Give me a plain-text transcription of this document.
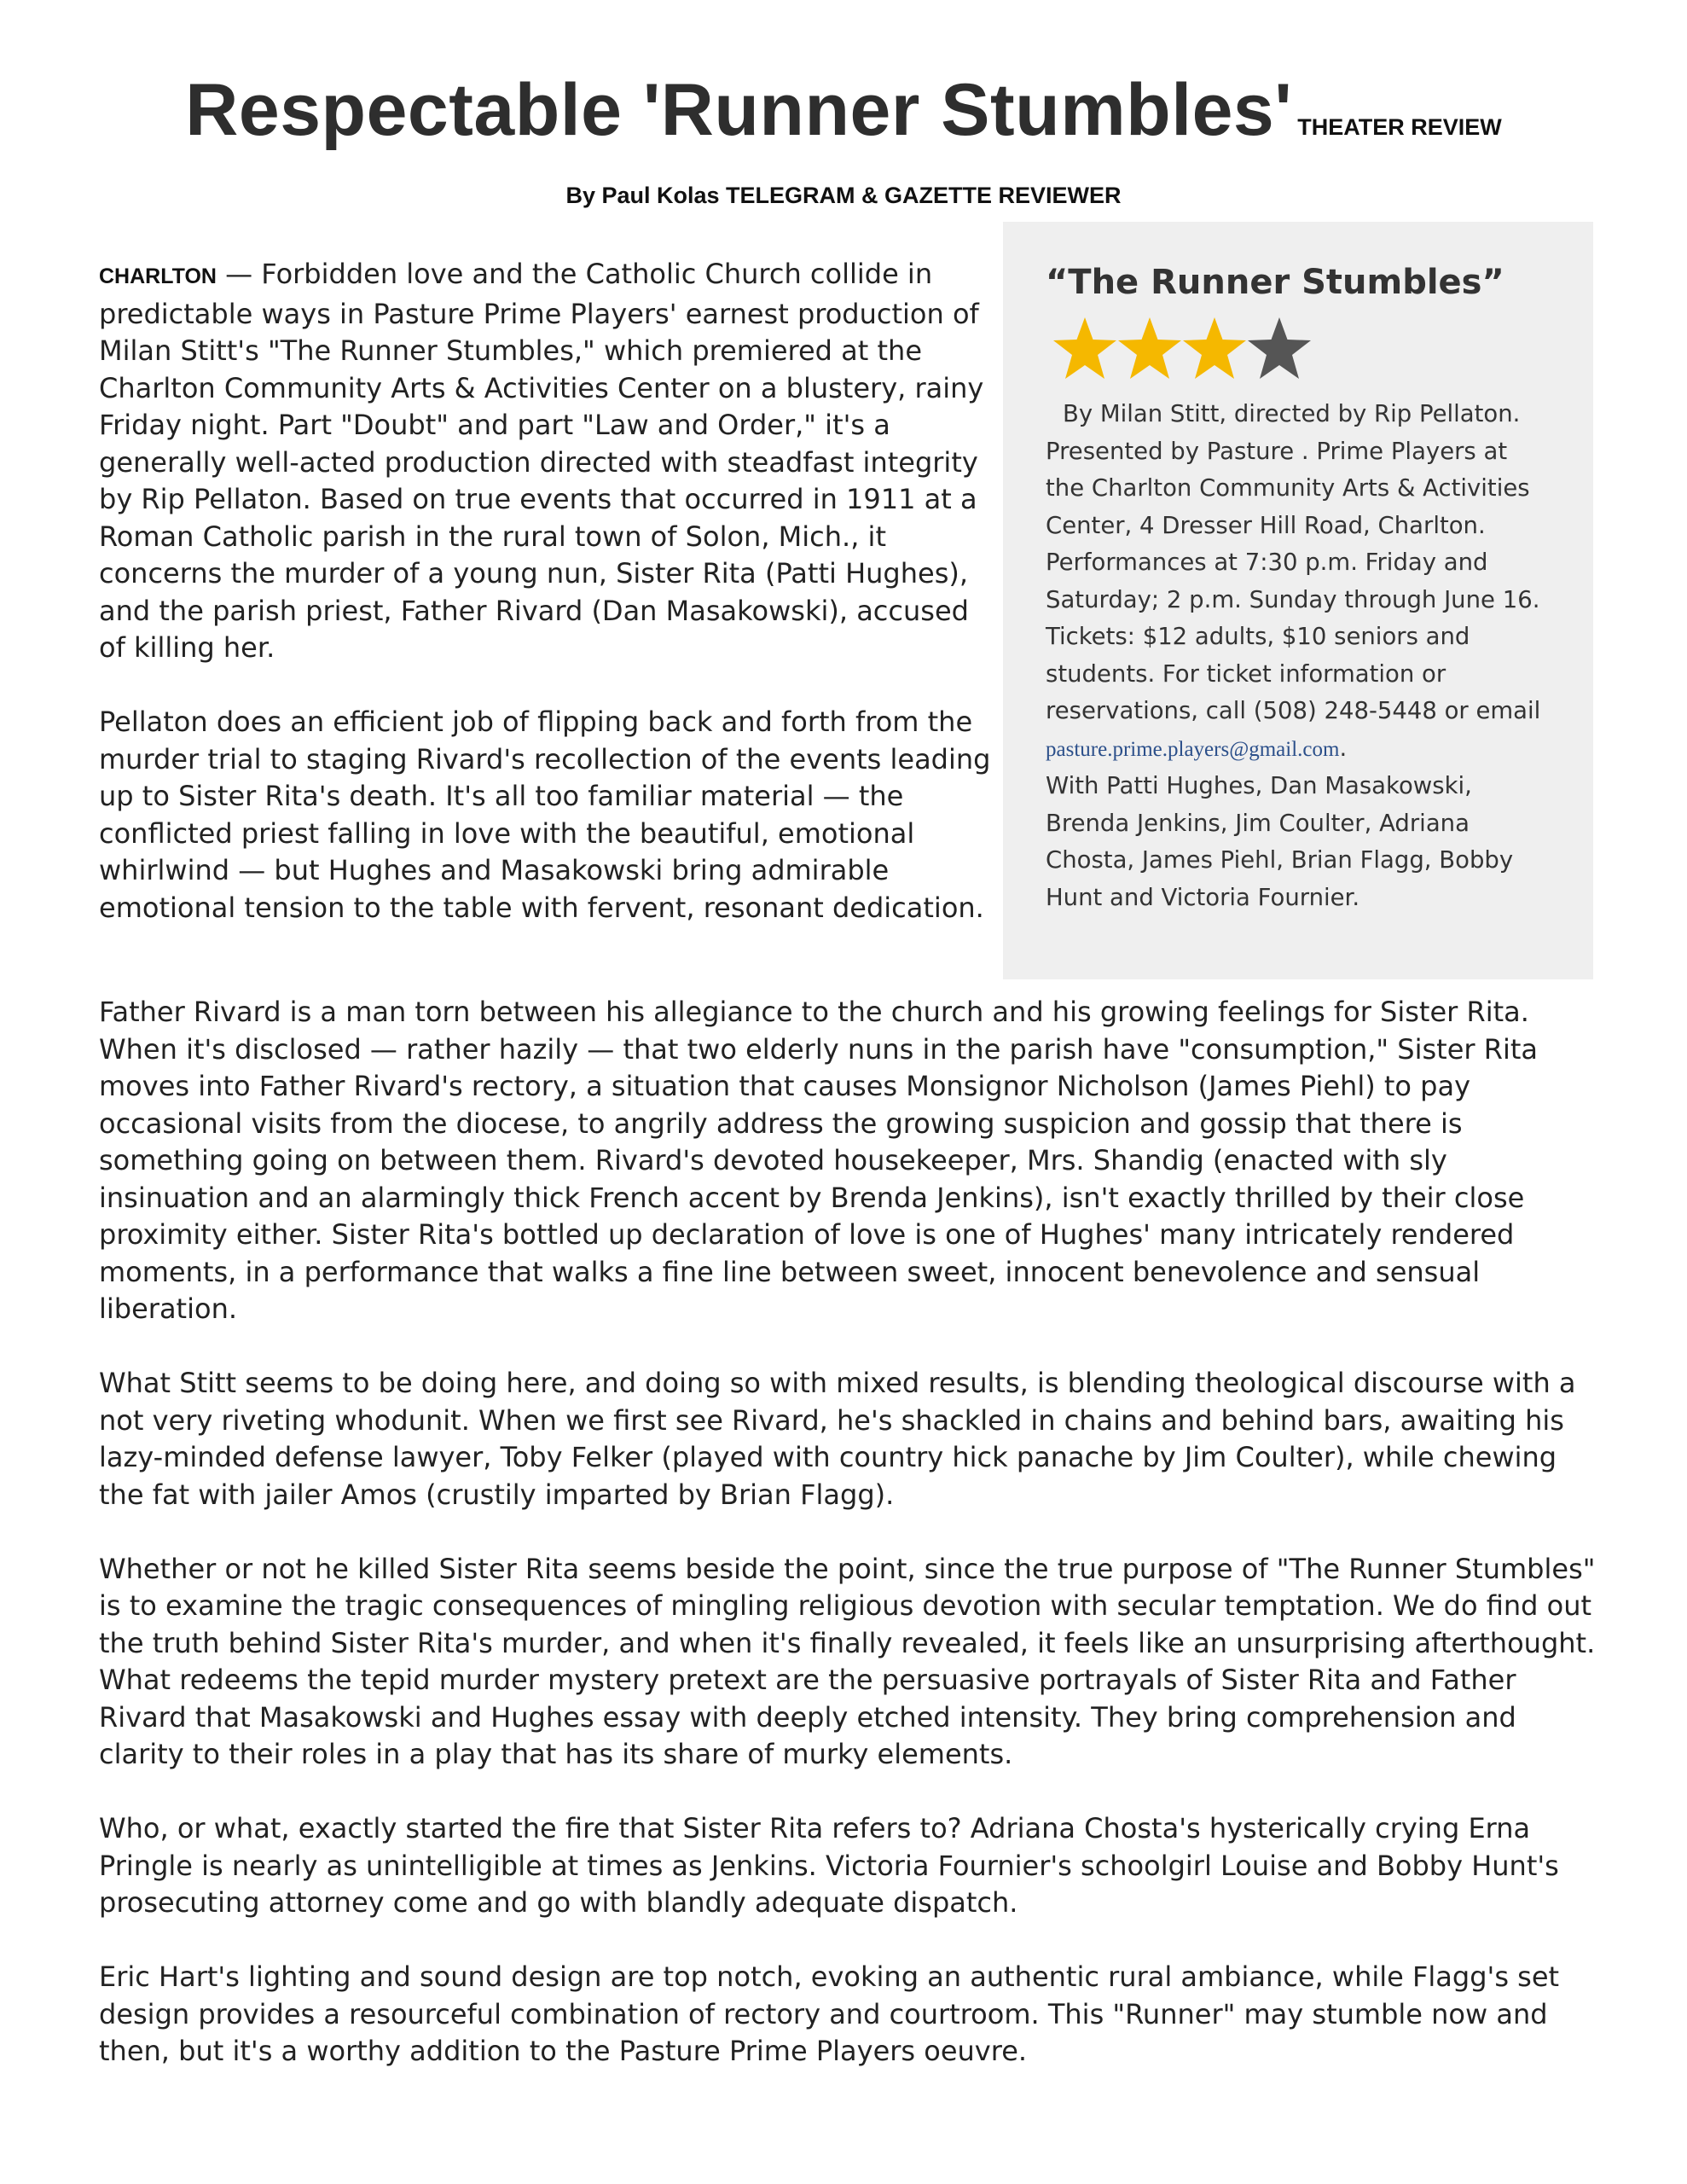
Respectable 'Runner Stumbles' THEATER REVIEW
By Paul Kolas TELEGRAM & GAZETTE REVIEWER

CHARLTON — Forbidden love and the Catholic Church collide in predictable ways in Pasture Prime Players' earnest production of Milan Stitt's "The Runner Stumbles," which premiered at the Charlton Community Arts & Activities Center on a blustery, rainy Friday night. Part "Doubt" and part "Law and Order," it's a generally well-acted production directed with steadfast integrity by Rip Pellaton. Based on true events that occurred in 1911 at a Roman Catholic parish in the rural town of Solon, Mich., it concerns the murder of a young nun, Sister Rita (Patti Hughes), and the parish priest, Father Rivard (Dan Masakowski), accused of killing her.

Pellaton does an efficient job of flipping back and forth from the murder trial to staging Rivard's recollection of the events leading up to Sister Rita's death. It's all too familiar material — the conflicted priest falling in love with the beautiful, emotional whirlwind — but Hughes and Masakowski bring admirable emotional tension to the table with fervent, resonant dedication.

“The Runner Stumbles”
By Milan Stitt, directed by Rip Pellaton.
Presented by Pasture . Prime Players at the Charlton Community Arts & Activities Center, 4 Dresser Hill Road, Charlton. Performances at 7:30 p.m. Friday and Saturday; 2 p.m. Sunday through June 16. Tickets: $12 adults, $10 seniors and students. For ticket information or reservations, call (508) 248-5448 or email
pasture.prime.players@gmail.com.
With Patti Hughes, Dan Masakowski, Brenda Jenkins, Jim Coulter, Adriana Chosta, James Piehl, Brian Flagg, Bobby Hunt and Victoria Fournier.

Father Rivard is a man torn between his allegiance to the church and his growing feelings for Sister Rita. When it's disclosed — rather hazily — that two elderly nuns in the parish have "consumption," Sister Rita moves into Father Rivard's rectory, a situation that causes Monsignor Nicholson (James Piehl) to pay occasional visits from the diocese, to angrily address the growing suspicion and gossip that there is something going on between them. Rivard's devoted housekeeper, Mrs. Shandig (enacted with sly insinuation and an alarmingly thick French accent by Brenda Jenkins), isn't exactly thrilled by their close proximity either. Sister Rita's bottled up declaration of love is one of Hughes' many intricately rendered moments, in a performance that walks a fine line between sweet, innocent benevolence and sensual liberation.

What Stitt seems to be doing here, and doing so with mixed results, is blending theological discourse with a not very riveting whodunit. When we first see Rivard, he's shackled in chains and behind bars, awaiting his lazy-minded defense lawyer, Toby Felker (played with country hick panache by Jim Coulter), while chewing the fat with jailer Amos (crustily imparted by Brian Flagg).

Whether or not he killed Sister Rita seems beside the point, since the true purpose of "The Runner Stumbles" is to examine the tragic consequences of mingling religious devotion with secular temptation. We do find out the truth behind Sister Rita's murder, and when it's finally revealed, it feels like an unsurprising afterthought. What redeems the tepid murder mystery pretext are the persuasive portrayals of Sister Rita and Father Rivard that Masakowski and Hughes essay with deeply etched intensity. They bring comprehension and clarity to their roles in a play that has its share of murky elements.

Who, or what, exactly started the fire that Sister Rita refers to? Adriana Chosta's hysterically crying Erna Pringle is nearly as unintelligible at times as Jenkins. Victoria Fournier's schoolgirl Louise and Bobby Hunt's prosecuting attorney come and go with blandly adequate dispatch.

Eric Hart's lighting and sound design are top notch, evoking an authentic rural ambiance, while Flagg's set design provides a resourceful combination of rectory and courtroom. This "Runner" may stumble now and then, but it's a worthy addition to the Pasture Prime Players oeuvre.
